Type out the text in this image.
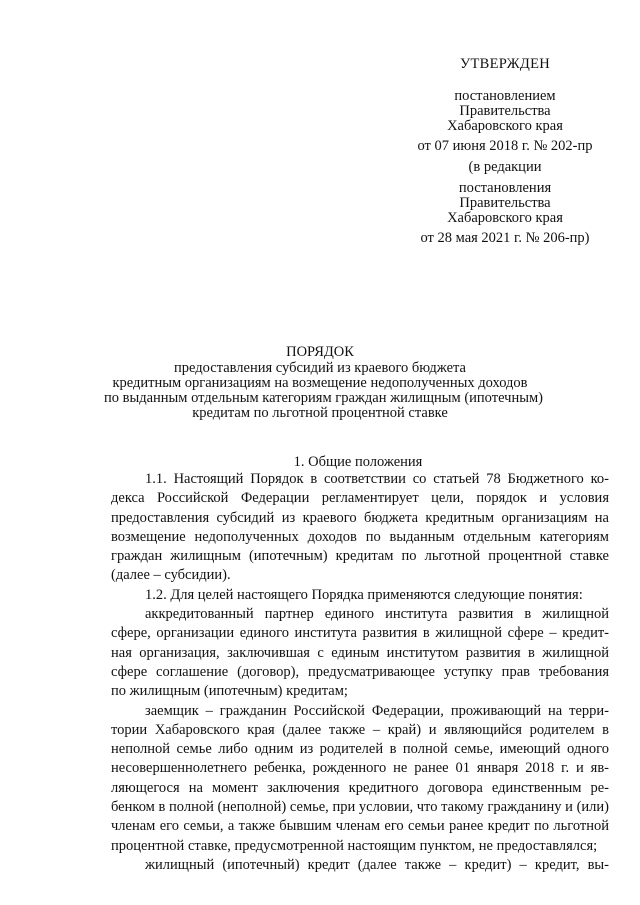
УТВЕРЖДЕН
постановлением
Правительства
Хабаровского края
от 07 июня 2018 г. № 202-пр
(в редакции
постановления
Правительства
Хабаровского края
от 28 мая 2021 г. № 206-пр)
ПОРЯДОК
предоставления субсидий из краевого бюджета
кредитным организациям на возмещение недополученных доходов
по выданным отдельным категориям граждан жилищным (ипотечным)
кредитам по льготной процентной ставке
1. Общие положения
1.1. Настоящий Порядок в соответствии со статьей 78 Бюджетного ко-
декса Российской Федерации регламентирует цели, порядок и условия
предоставления субсидий из краевого бюджета кредитным организациям на
возмещение недополученных доходов по выданным отдельным категориям
граждан жилищным (ипотечным) кредитам по льготной процентной ставке
(далее – субсидии).
1.2. Для целей настоящего Порядка применяются следующие понятия:
аккредитованный партнер единого института развития в жилищной
сфере, организации единого института развития в жилищной сфере – кредит-
ная организация, заключившая с единым институтом развития в жилищной
сфере соглашение (договор), предусматривающее уступку прав требования
по жилищным (ипотечным) кредитам;
заемщик – гражданин Российской Федерации, проживающий на терри-
тории Хабаровского края (далее также – край) и являющийся родителем в
неполной семье либо одним из родителей в полной семье, имеющий одного
несовершеннолетнего ребенка, рожденного не ранее 01 января 2018 г. и яв-
ляющегося на момент заключения кредитного договора единственным ре-
бенком в полной (неполной) семье, при условии, что такому гражданину и (или)
членам его семьи, а также бывшим членам его семьи ранее кредит по льготной
процентной ставке, предусмотренной настоящим пунктом, не предоставлялся;
жилищный (ипотечный) кредит (далее также – кредит) – кредит, вы-
